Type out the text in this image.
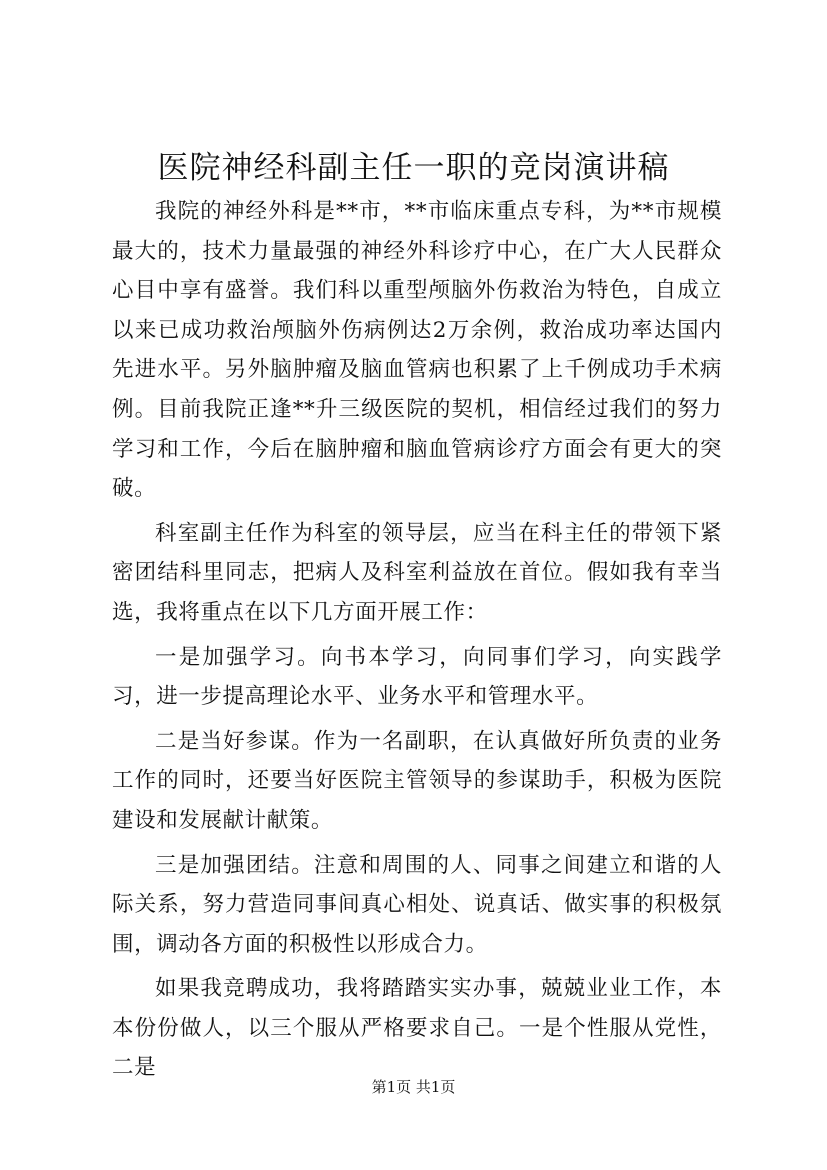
医院神经科副主任一职的竞岗演讲稿

我院的神经外科是**市，**市临床重点专科，为**市规模最大的，技术力量最强的神经外科诊疗中心，在广大人民群众心目中享有盛誉。我们科以重型颅脑外伤救治为特色，自成立以来已成功救治颅脑外伤病例达2万余例，救治成功率达国内先进水平。另外脑肿瘤及脑血管病也积累了上千例成功手术病例。目前我院正逢**升三级医院的契机，相信经过我们的努力学习和工作，今后在脑肿瘤和脑血管病诊疗方面会有更大的突破。

科室副主任作为科室的领导层，应当在科主任的带领下紧密团结科里同志，把病人及科室利益放在首位。假如我有幸当选，我将重点在以下几方面开展工作：

一是加强学习。向书本学习，向同事们学习，向实践学习，进一步提高理论水平、业务水平和管理水平。

二是当好参谋。作为一名副职，在认真做好所负责的业务工作的同时，还要当好医院主管领导的参谋助手，积极为医院建设和发展献计献策。

三是加强团结。注意和周围的人、同事之间建立和谐的人际关系，努力营造同事间真心相处、说真话、做实事的积极氛围，调动各方面的积极性以形成合力。

如果我竞聘成功，我将踏踏实实办事，兢兢业业工作，本本份份做人，以三个服从严格要求自己。一是个性服从党性，二是

第1页 共1页
